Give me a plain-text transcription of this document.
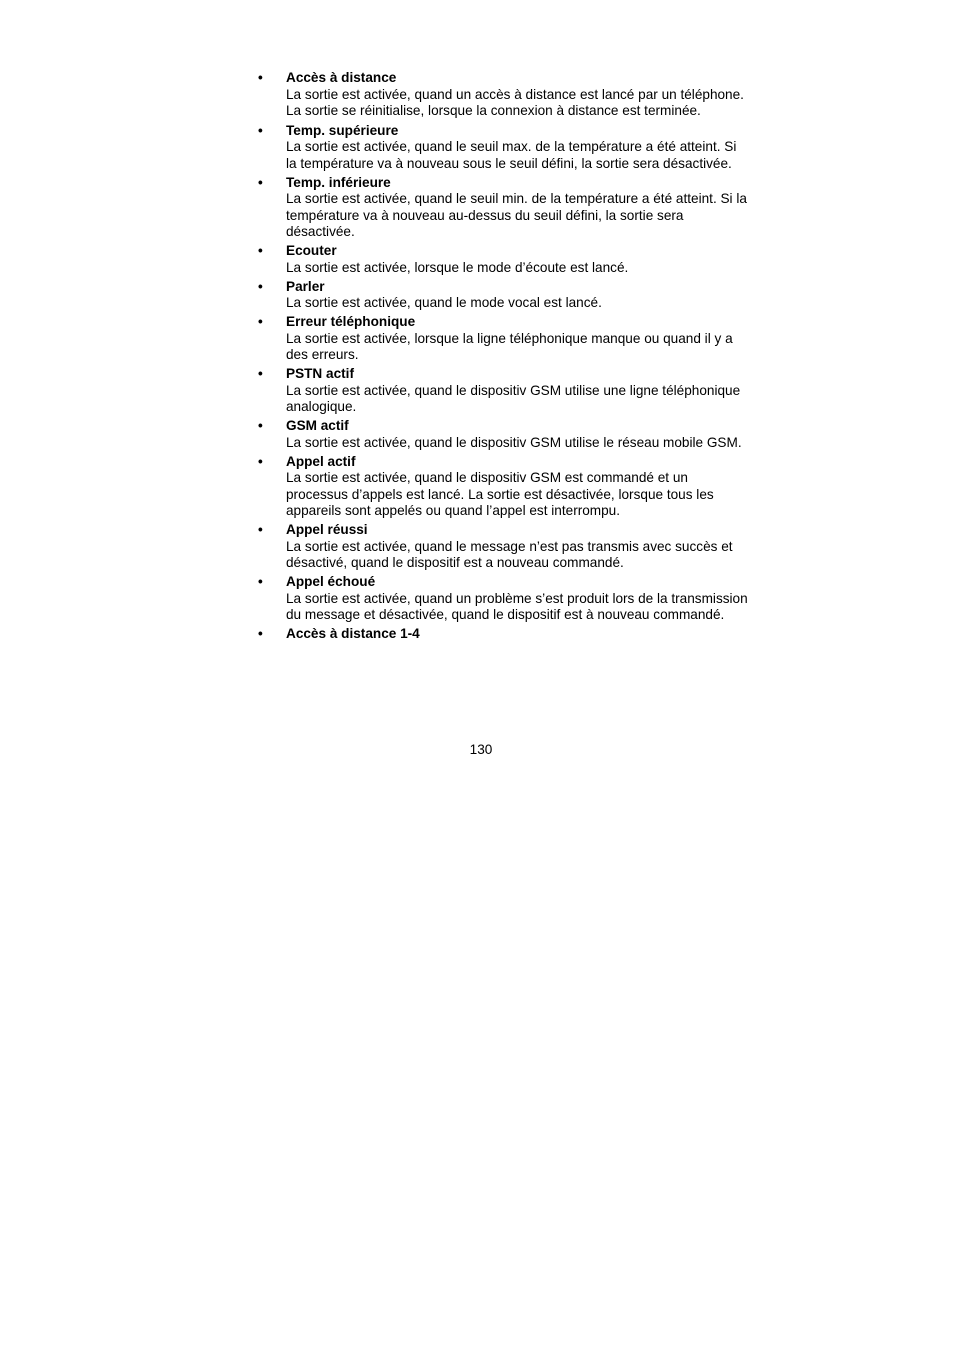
•	Accès à distance
La sortie est activée, quand un accès à distance est lancé par un téléphone. La sortie se réinitialise, lorsque la connexion à distance est terminée.
•	Temp. supérieure
La sortie est activée, quand le seuil max. de la température a été atteint. Si la température va à nouveau sous le seuil défini, la sortie sera désactivée.
•	Temp. inférieure
La sortie est activée, quand le seuil min. de la température a été atteint. Si la température va à nouveau au-dessus du seuil défini, la sortie sera désactivée.
•	Ecouter
La sortie est activée, lorsque le mode d’écoute est lancé.
•	Parler
La sortie est activée, quand le mode vocal est lancé.
•	Erreur téléphonique
La sortie est activée, lorsque la ligne téléphonique manque ou quand il y a des erreurs.
•	PSTN actif
La sortie est activée, quand le dispositiv GSM utilise une ligne téléphonique analogique.
•	GSM actif
La sortie est activée, quand le dispositiv GSM utilise le réseau mobile GSM.
•	Appel actif
La sortie est activée, quand le dispositiv GSM est commandé et un processus d’appels est lancé. La sortie est désactivée, lorsque tous les appareils sont appelés ou quand l’appel est interrompu.
•	Appel réussi
La sortie est activée, quand le message n’est pas transmis avec succès et désactivé, quand le dispositif est a nouveau commandé.
•	Appel échoué
La sortie est activée, quand un problème s’est produit lors de la transmission du message et désactivée, quand le dispositif est à nouveau commandé.
•	Accès à distance 1-4
130
